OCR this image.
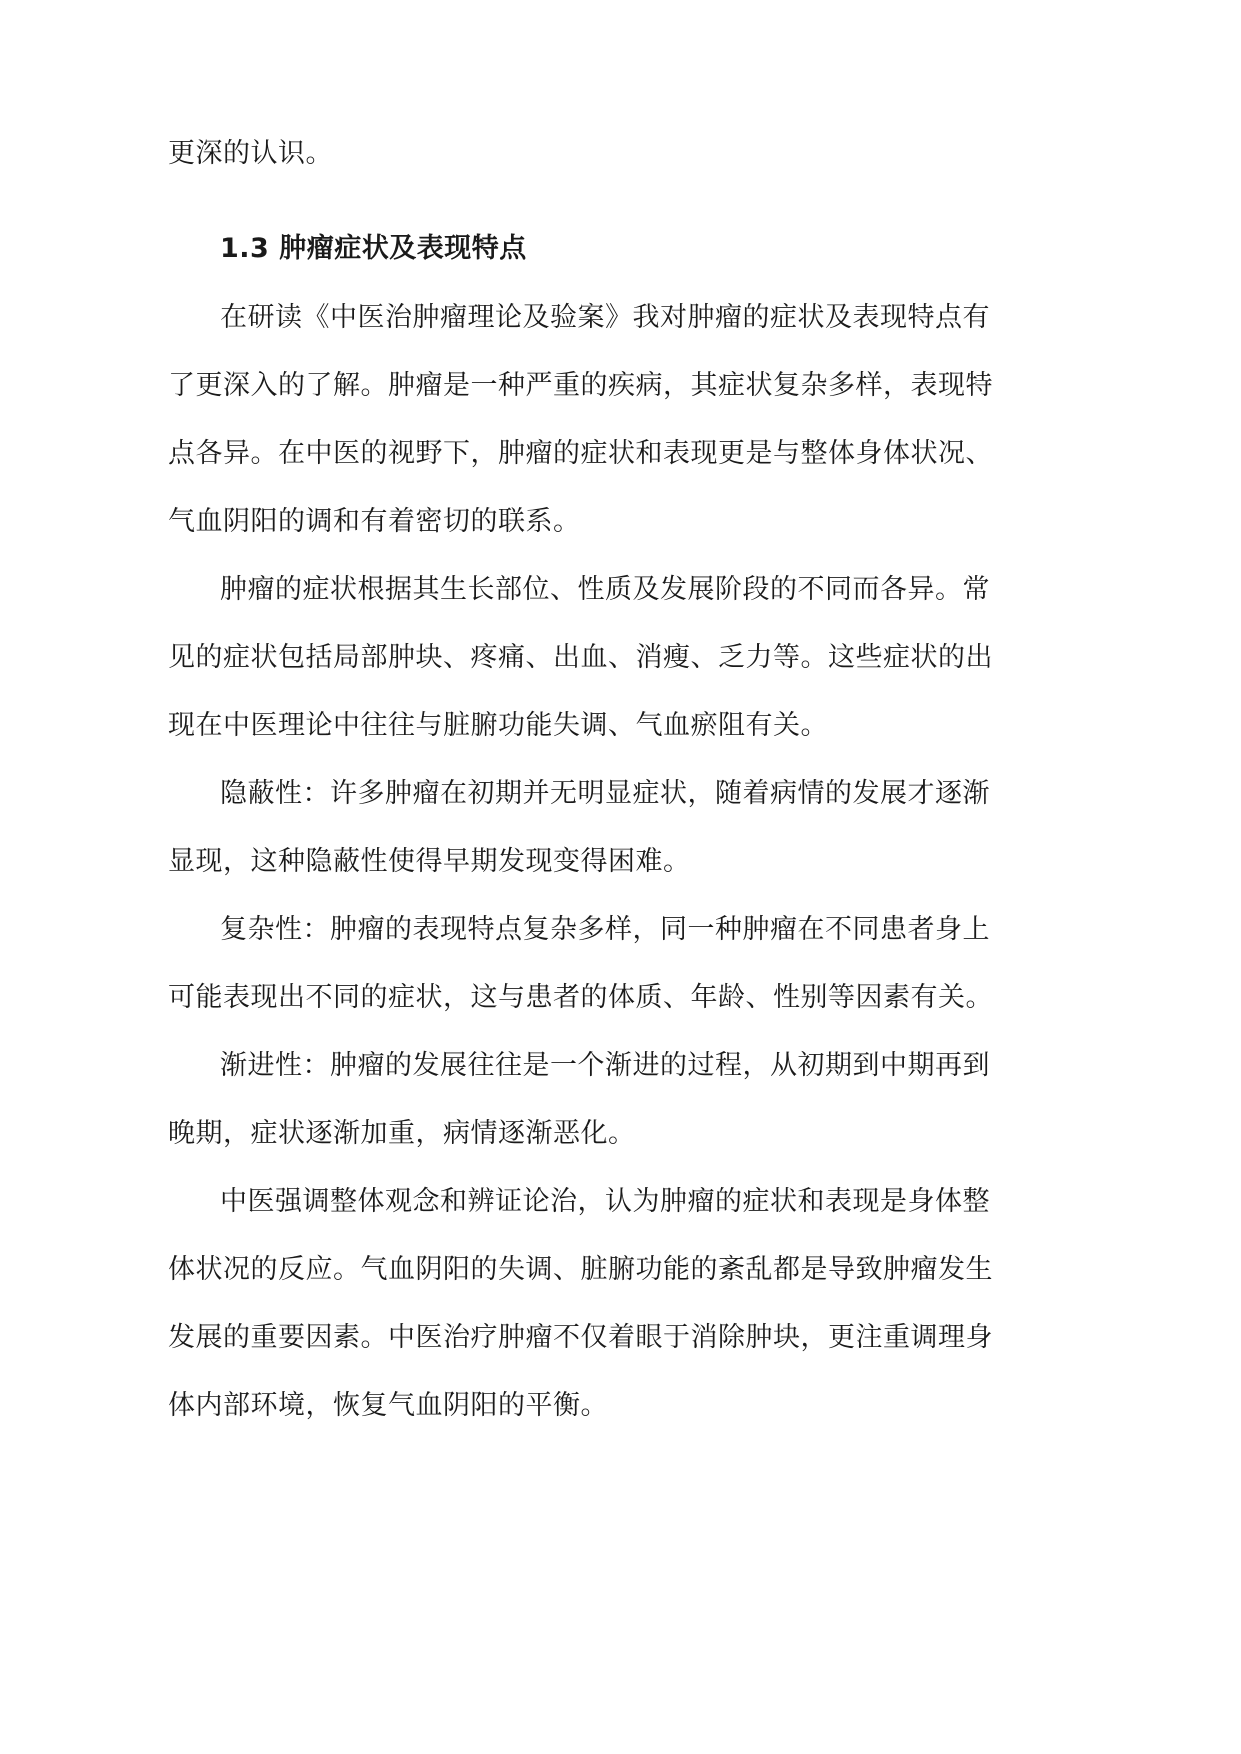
更深的认识。
1.3 肿瘤症状及表现特点
在研读《中医治肿瘤理论及验案》我对肿瘤的症状及表现特点有
了更深入的了解。肿瘤是一种严重的疾病，其症状复杂多样，表现特
点各异。在中医的视野下，肿瘤的症状和表现更是与整体身体状况、
气血阴阳的调和有着密切的联系。
肿瘤的症状根据其生长部位、性质及发展阶段的不同而各异。常
见的症状包括局部肿块、疼痛、出血、消瘦、乏力等。这些症状的出
现在中医理论中往往与脏腑功能失调、气血瘀阻有关。
隐蔽性：许多肿瘤在初期并无明显症状，随着病情的发展才逐渐
显现，这种隐蔽性使得早期发现变得困难。
复杂性：肿瘤的表现特点复杂多样，同一种肿瘤在不同患者身上
可能表现出不同的症状，这与患者的体质、年龄、性别等因素有关。
渐进性：肿瘤的发展往往是一个渐进的过程，从初期到中期再到
晚期，症状逐渐加重，病情逐渐恶化。
中医强调整体观念和辨证论治，认为肿瘤的症状和表现是身体整
体状况的反应。气血阴阳的失调、脏腑功能的紊乱都是导致肿瘤发生
发展的重要因素。中医治疗肿瘤不仅着眼于消除肿块，更注重调理身
体内部环境，恢复气血阴阳的平衡。
